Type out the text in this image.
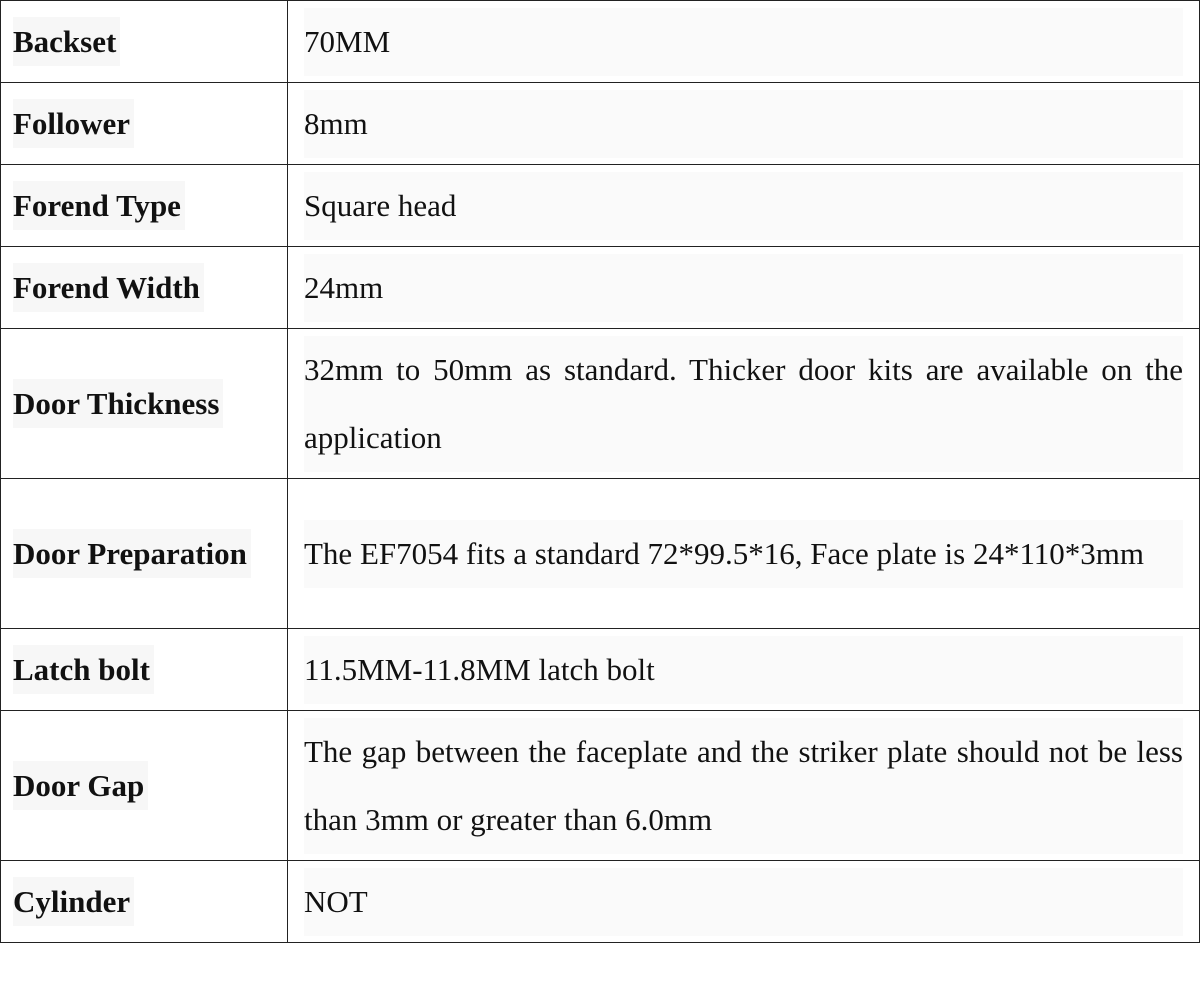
Backset	70MM

Follower	8mm

Forend Type	Square head

Forend Width	24mm

Door Thickness	32mm to 50mm as standard. Thicker door kits are available on the application

Door Preparation	The EF7054 fits a standard 72*99.5*16, Face plate is 24*110*3mm

Latch bolt	11.5MM-11.8MM latch bolt

Door Gap	The gap between the faceplate and the striker plate should not be less than 3mm or greater than 6.0mm

Cylinder	NOT
